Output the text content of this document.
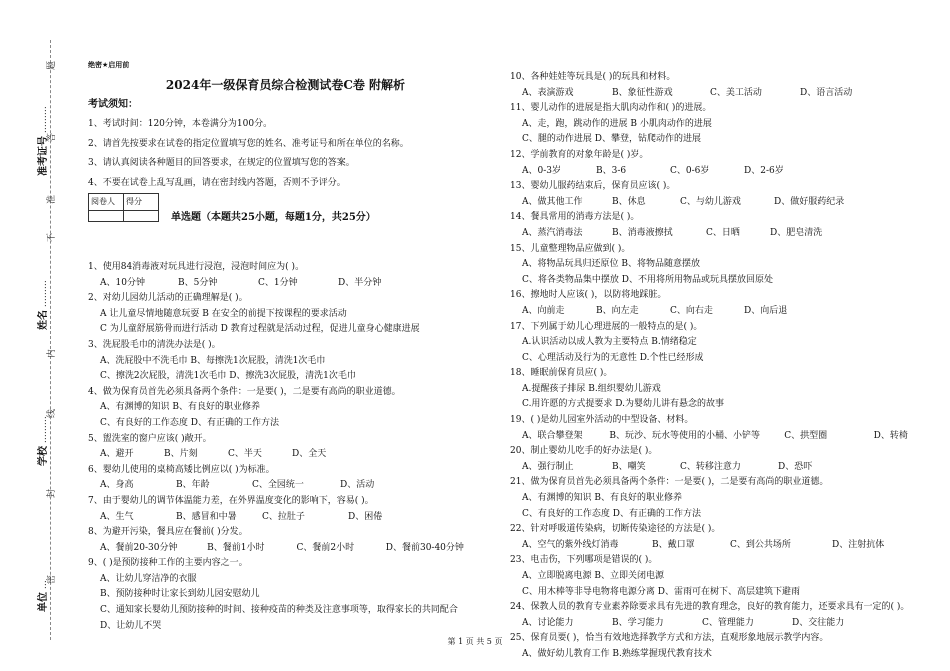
准考证号 ………
姓名 ………
学校 ………
单位 …
题
答
准
不
内
线
封
密
绝密★启用前
2024年一级保育员综合检测试卷C卷 附解析
考试须知：
1、考试时间：120分钟，本卷满分为100分。
2、请首先按要求在试卷的指定位置填写您的姓名、准考证号和所在单位的名称。
3、请认真阅读各种题目的回答要求，在规定的位置填写您的答案。
4、不要在试卷上乱写乱画，请在密封线内答题，否则不予评分。
阅卷人	得分

单选题（本题共25小题，每题1分，共25分）
1、使用84消毒液对玩具进行浸泡，浸泡时间应为( )。
A、10分钟	B、5分钟	C、1分钟	D、半分钟
2、对幼儿园幼儿活动的正确理解是( )。
A 让儿童尽情地随意玩耍 B 在安全的前提下按课程的要求活动
C 为儿童舒展筋骨而进行活动 D 教育过程就是活动过程，促进儿童身心健康进展
3、洗屁股毛巾的清洗办法是( )。
A、洗屁股中不洗毛巾 B、每擦洗1次屁股，清洗1次毛巾
C、擦洗2次屁股，清洗1次毛巾 D、擦洗3次屁股，清洗1次毛巾
4、做为保育员首先必须具备两个条件：一是要( )，二是要有高尚的职业道德。
A、有渊博的知识 B、有良好的职业修养
C、有良好的工作态度 D、有正确的工作方法
5、盥洗室的窗户应该( )敞开。
A、避开	B、片刻	C、半天	D、全天
6、婴幼儿使用的桌椅高矮比例应以( )为标准。
A、身高	B、年龄	C、全园统一	D、活动
7、由于婴幼儿的调节体温能力差，在外界温度变化的影响下，容易( )。
A、生气	B、感冒和中暑	C、拉肚子	D、困倦
8、为避开污染，餐具应在餐前( )分发。
A、餐前20-30分钟	B、餐前1小时	C、餐前2小时	D、餐前30-40分钟
9、( )是预防接种工作的主要内容之一。
A、让幼儿穿洁净的衣服
B、预防接种时让家长到幼儿园安慰幼儿
C、通知家长婴幼儿预防接种的时间、接种疫苗的种类及注意事项等，取得家长的共同配合
D、让幼儿不哭
10、各种娃娃等玩具是( )的玩具和材料。
A、表演游戏	B、象征性游戏	C、美工活动	D、语言活动
11、婴儿动作的进展是指大肌肉动作和( )的进展。
A、走，跑，跳动作的进展 B 小肌肉动作的进展
C、腿的动作进展 D、攀登，钻爬动作的进展
12、学前教育的对象年龄是( )岁。
A、0-3岁	B、3-6	C、0-6岁	D、2-6岁
13、婴幼儿服药结束后，保育员应该( )。
A、做其他工作	B、休息	C、与幼儿游戏	D、做好服药纪录
14、餐具常用的消毒方法是( )。
A、蒸汽消毒法	B、消毒液擦拭	C、日晒	D、肥皂清洗
15、儿童整理物品应做到( )。
A、将物品玩具归还原位 B、将物品随意摆放
C、将各类物品集中摆放 D、不用将所用物品或玩具摆放回原处
16、擦地时人应该( )，以防将地踩脏。
A、向前走	B、向左走	C、向右走	D、向后退
17、下列属于幼儿心理进展的一般特点的是( )。
A.认识活动以成人教为主要特点 B.情绪稳定
C、心理活动及行为的无意性 D.个性已经形成
18、睡眠前保育员应( )。
A.提醒孩子排尿 B.组织婴幼儿游戏
C.用许愿的方式提要求 D.为婴幼儿讲有悬念的故事
19、( )是幼儿园室外活动的中型设备、材料。
A、联合攀登架	B、玩沙、玩水等使用的小桶、小铲等	C、拱型圈	D、转椅
20、制止婴幼儿吃手的好办法是( )。
A、强行制止	B、嘲笑	C、转移注意力	D、恐吓
21、做为保育员首先必须具备两个条件：一是要( )，二是要有高尚的职业道德。
A、有渊博的知识 B、有良好的职业修养
C、有良好的工作态度 D、有正确的工作方法
22、针对呼吸道传染病，切断传染途径的方法是( )。
A、空气的紫外线灯消毒	B、戴口罩	C、到公共场所	D、注射抗体
23、电击伤，下列哪项是错误的( )。
A、立即脱离电源 B、立即关闭电源
C、用木棒等非导电物将电源分离 D、雷雨可在树下、高层建筑下避雨
24、保教人员的教育专业素养除要求具有先进的教育理念，良好的教育能力，还要求具有一定的( )。
A、讨论能力	B、学习能力	C、管理能力	D、交往能力
25、保育员要( )，恰当有效地选择教学方式和方法，直观形象地展示教学内容。
A、做好幼儿教育工作 B.熟练掌握现代教育技术
第 1 页 共 5 页
